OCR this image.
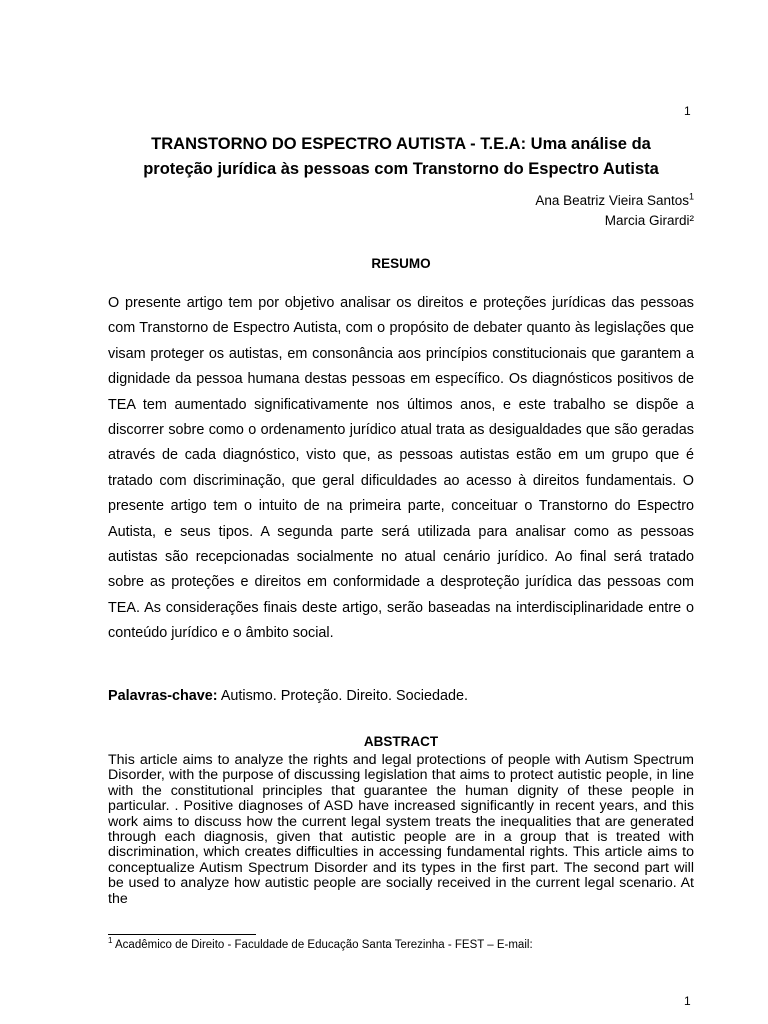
1
TRANSTORNO DO ESPECTRO AUTISTA - T.E.A: Uma análise da
proteção jurídica às pessoas com Transtorno do Espectro Autista
Ana Beatriz Vieira Santos$^1$
Marcia Girardi²
RESUMO

O presente artigo tem por objetivo analisar os direitos e proteções jurídicas das pessoas com Transtorno de Espectro Autista, com o propósito de debater quanto às legislações que visam proteger os autistas, em consonância aos princípios constitucionais que garantem a dignidade da pessoa humana destas pessoas em específico. Os diagnósticos positivos de TEA tem aumentado significativamente nos últimos anos, e este trabalho se dispõe a discorrer sobre como o ordenamento jurídico atual trata as desigualdades que são geradas através de cada diagnóstico, visto que, as pessoas autistas estão em um grupo que é tratado com discriminação, que geral dificuldades ao acesso à direitos fundamentais. O presente artigo tem o intuito de na primeira parte, conceituar o Transtorno do Espectro Autista, e seus tipos. A segunda parte será utilizada para analisar como as pessoas autistas são recepcionadas socialmente no atual cenário jurídico. Ao final será tratado sobre as proteções e direitos em conformidade a desproteção jurídica das pessoas com TEA. As considerações finais deste artigo, serão baseadas na interdisciplinaridade entre o conteúdo jurídico e o âmbito social.

Palavras-chave: Autismo. Proteção. Direito. Sociedade.

ABSTRACT

This article aims to analyze the rights and legal protections of people with Autism Spectrum Disorder, with the purpose of discussing legislation that aims to protect autistic people, in line with the constitutional principles that guarantee the human dignity of these people in particular. . Positive diagnoses of ASD have increased significantly in recent years, and this work aims to discuss how the current legal system treats the inequalities that are generated through each diagnosis, given that autistic people are in a group that is treated with discrimination, which creates difficulties in accessing fundamental rights. This article aims to conceptualize Autism Spectrum Disorder and its types in the first part. The second part will be used to analyze how autistic people are socially received in the current legal scenario. At the

$^1$ Acadêmico de Direito - Faculdade de Educação Santa Terezinha - FEST – E-mail:

1
